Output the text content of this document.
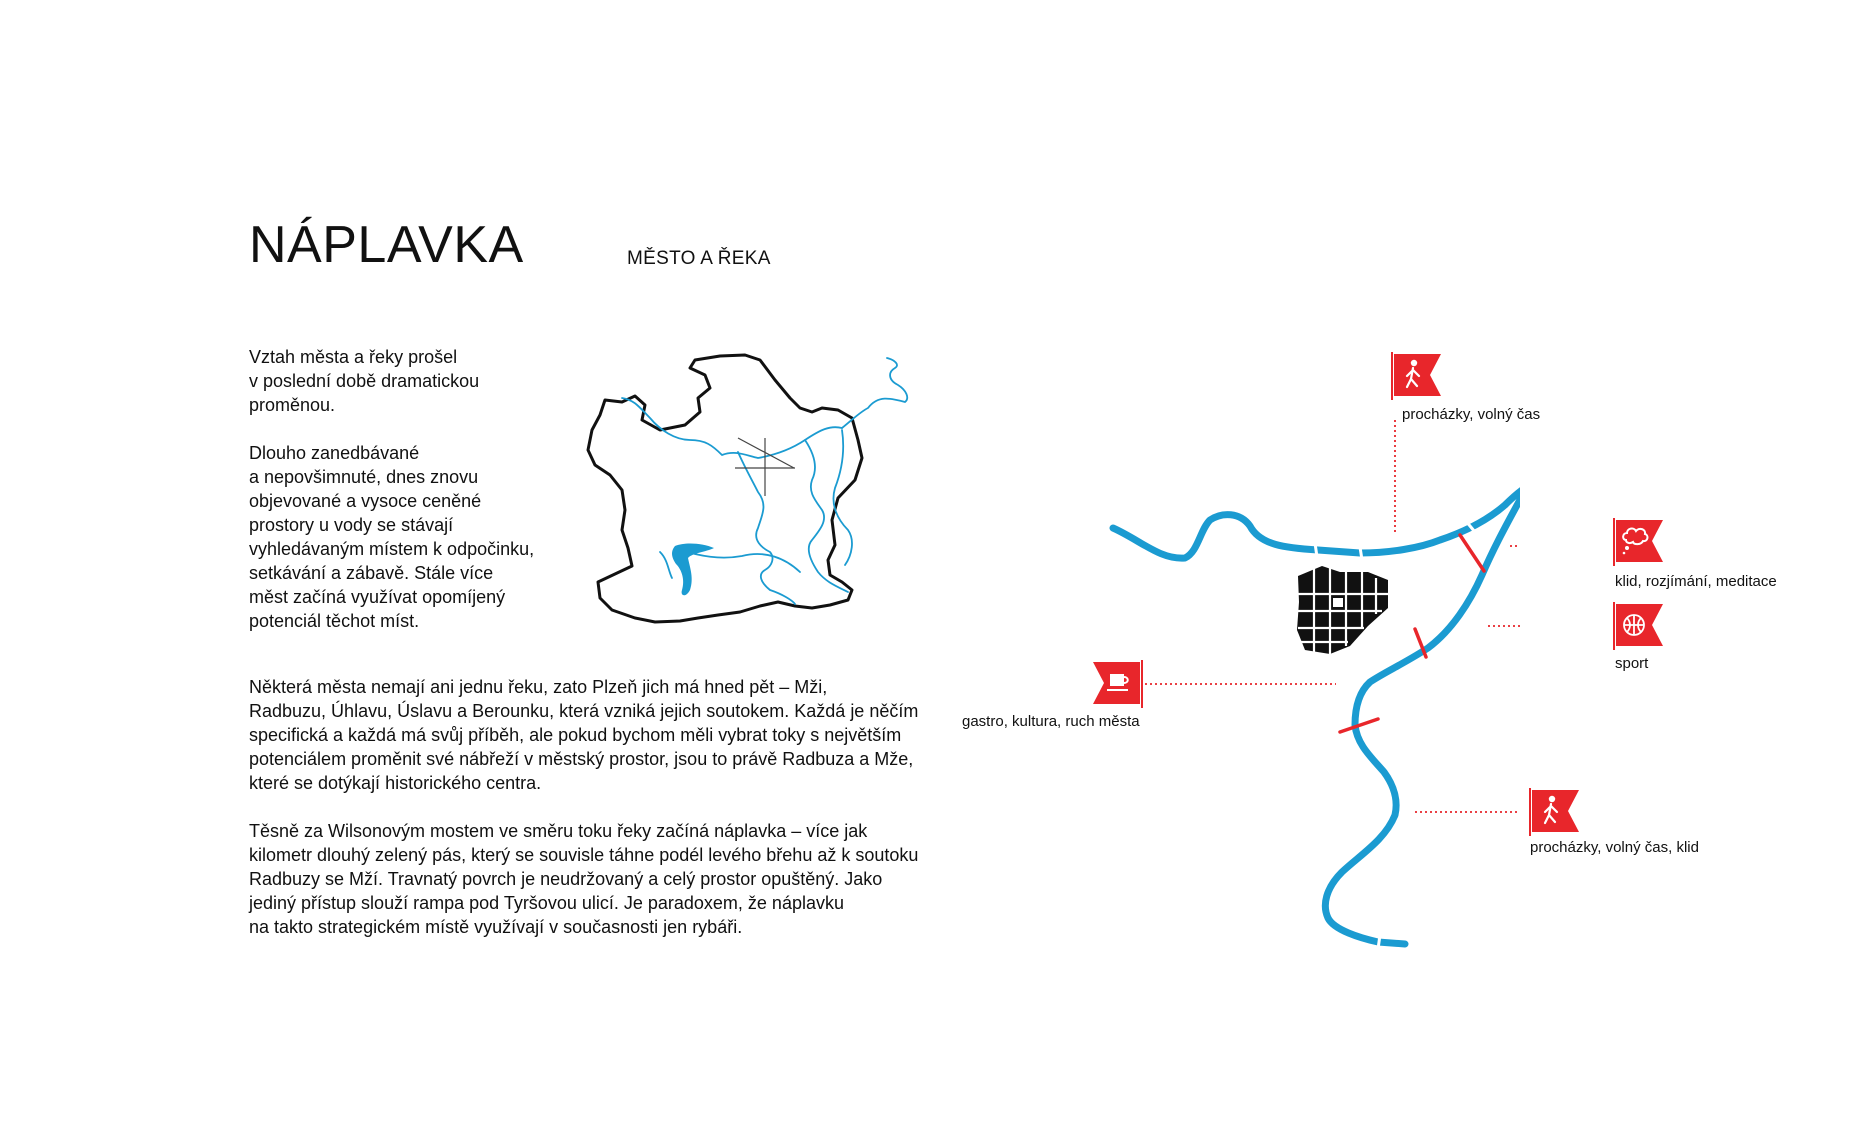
NÁPLAVKA	MĚSTO A ŘEKA

Vztah města a řeky prošel
v poslední době dramatickou
proměnou.

Dlouho zanedbávané
a nepovšimnuté, dnes znovu
objevované a vysoce ceněné
prostory u vody se stávají
vyhledávaným místem k odpočinku,
setkávání a zábavě. Stále více
měst začíná využívat opomíjený
potenciál těchot míst.

Některá města nemají ani jednu řeku, zato Plzeň jich má hned pět – Mži,
Radbuzu, Úhlavu, Úslavu a Berounku, která vzniká jejich soutokem. Každá je něčím
specifická a každá má svůj příběh, ale pokud bychom měli vybrat toky s největším
potenciálem proměnit své nábřeží v městský prostor, jsou to právě Radbuza a Mže,
které se dotýkají historického centra.

Těsně za Wilsonovým mostem ve směru toku řeky začíná náplavka – více jak
kilometr dlouhý zelený pás, který se souvisle táhne podél levého břehu až k soutoku
Radbuzy se Mží. Travnatý povrch je neudržovaný a celý prostor opuštěný. Jako
jediný přístup slouží rampa pod Tyršovou ulicí. Je paradoxem, že náplavku
na takto strategickém místě využívají v současnosti jen rybáři.

procházky, volný čas
klid, rozjímání, meditace
sport
gastro, kultura, ruch města
procházky, volný čas, klid
